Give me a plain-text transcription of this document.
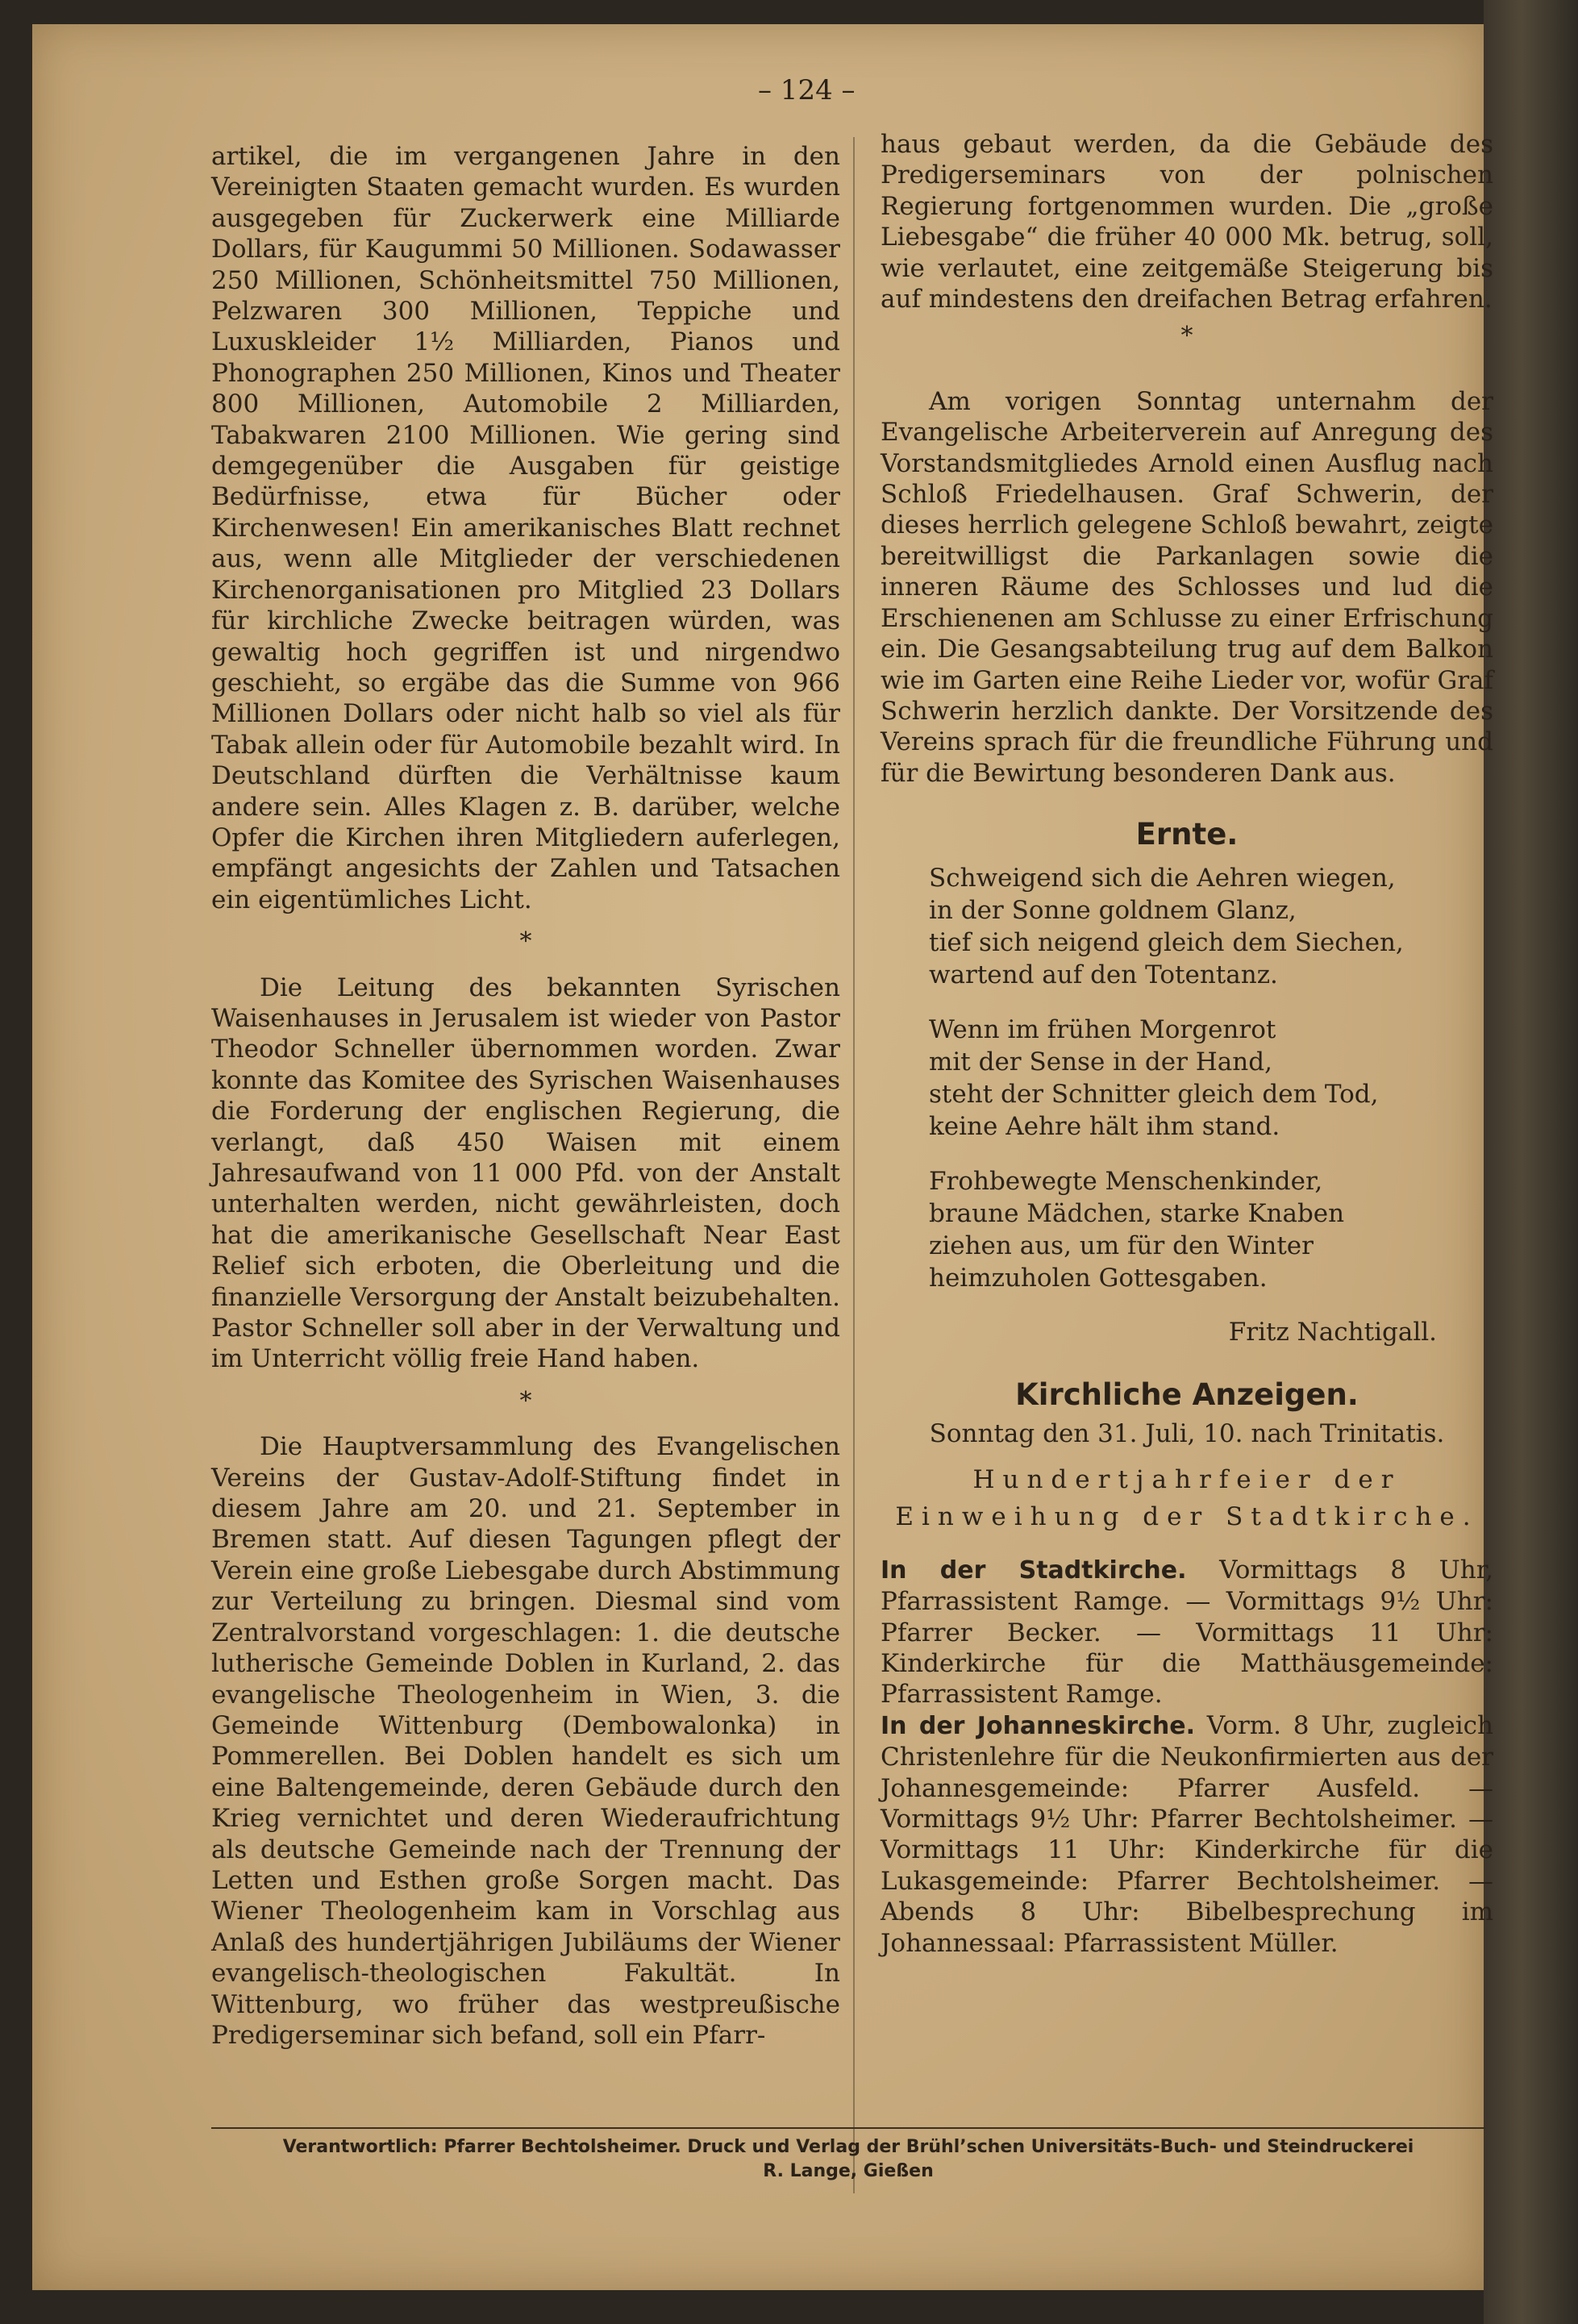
– 124 –

artikel, die im vergangenen Jahre in den Vereinigten Staaten gemacht wurden. Es wurden ausgegeben für Zuckerwerk eine Milliarde Dollars, für Kaugummi 50 Millionen. Sodawasser 250 Millionen, Schönheitsmittel 750 Millionen, Pelzwaren 300 Millionen, Teppiche und Luxuskleider 1½ Milliarden, Pianos und Phonographen 250 Millionen, Kinos und Theater 800 Millionen, Automobile 2 Milliarden, Tabakwaren 2100 Millionen. Wie gering sind demgegenüber die Ausgaben für geistige Bedürfnisse, etwa für Bücher oder Kirchenwesen! Ein amerikanisches Blatt rechnet aus, wenn alle Mitglieder der verschiedenen Kirchenorganisationen pro Mitglied 23 Dollars für kirchliche Zwecke beitragen würden, was gewaltig hoch gegriffen ist und nirgendwo geschieht, so ergäbe das die Summe von 966 Millionen Dollars oder nicht halb so viel als für Tabak allein oder für Automobile bezahlt wird. In Deutschland dürften die Verhältnisse kaum andere sein. Alles Klagen z. B. darüber, welche Opfer die Kirchen ihren Mitgliedern auferlegen, empfängt angesichts der Zahlen und Tatsachen ein eigentümliches Licht.

*

Die Leitung des bekannten Syrischen Waisenhauses in Jerusalem ist wieder von Pastor Theodor Schneller übernommen worden. Zwar konnte das Komitee des Syrischen Waisenhauses die Forderung der englischen Regierung, die verlangt, daß 450 Waisen mit einem Jahresaufwand von 11 000 Pfd. von der Anstalt unterhalten werden, nicht gewährleisten, doch hat die amerikanische Gesellschaft Near East Relief sich erboten, die Oberleitung und die finanzielle Versorgung der Anstalt beizubehalten. Pastor Schneller soll aber in der Verwaltung und im Unterricht völlig freie Hand haben.

*

Die Hauptversammlung des Evangelischen Vereins der Gustav-Adolf-Stiftung findet in diesem Jahre am 20. und 21. September in Bremen statt. Auf diesen Tagungen pflegt der Verein eine große Liebesgabe durch Abstimmung zur Verteilung zu bringen. Diesmal sind vom Zentralvorstand vorgeschlagen: 1. die deutsche lutherische Gemeinde Doblen in Kurland, 2. das evangelische Theologenheim in Wien, 3. die Gemeinde Wittenburg (Dembowalonka) in Pommerellen. Bei Doblen handelt es sich um eine Baltengemeinde, deren Gebäude durch den Krieg vernichtet und deren Wiederaufrichtung als deutsche Gemeinde nach der Trennung der Letten und Esthen große Sorgen macht. Das Wiener Theologenheim kam in Vorschlag aus Anlaß des hundertjährigen Jubiläums der Wiener evangelisch-theologischen Fakultät. In Wittenburg, wo früher das westpreußische Predigerseminar sich befand, soll ein Pfarr-

haus gebaut werden, da die Gebäude des Predigerseminars von der polnischen Regierung fortgenommen wurden. Die „große Liebesgabe“ die früher 40 000 Mk. betrug, soll, wie verlautet, eine zeitgemäße Steigerung bis auf mindestens den dreifachen Betrag erfahren.

*

Am vorigen Sonntag unternahm der Evangelische Arbeiterverein auf Anregung des Vorstandsmitgliedes Arnold einen Ausflug nach Schloß Friedelhausen. Graf Schwerin, der dieses herrlich gelegene Schloß bewahrt, zeigte bereitwilligst die Parkanlagen sowie die inneren Räume des Schlosses und lud die Erschienenen am Schlusse zu einer Erfrischung ein. Die Gesangsabteilung trug auf dem Balkon wie im Garten eine Reihe Lieder vor, wofür Graf Schwerin herzlich dankte. Der Vorsitzende des Vereins sprach für die freundliche Führung und für die Bewirtung besonderen Dank aus.

Ernte.
Schweigend sich die Aehren wiegen,
in der Sonne goldnem Glanz,
tief sich neigend gleich dem Siechen,
wartend auf den Totentanz.
Wenn im frühen Morgenrot
mit der Sense in der Hand,
steht der Schnitter gleich dem Tod,
keine Aehre hält ihm stand.
Frohbewegte Menschenkinder,
braune Mädchen, starke Knaben
ziehen aus, um für den Winter
heimzuholen Gottesgaben.
Fritz Nachtigall.
Kirchliche Anzeigen.
Sonntag den 31. Juli, 10. nach Trinitatis.
Hundertjahrfeier der Einweihung der Stadtkirche.

In der Stadtkirche. Vormittags 8 Uhr, Pfarrassistent Ramge. — Vormittags 9½ Uhr: Pfarrer Becker. — Vormittags 11 Uhr: Kinderkirche für die Matthäusgemeinde: Pfarrassistent Ramge.

In der Johanneskirche. Vorm. 8 Uhr, zugleich Christenlehre für die Neukonfirmierten aus der Johannesgemeinde: Pfarrer Ausfeld. — Vormittags 9½ Uhr: Pfarrer Bechtolsheimer. — Vormittags 11 Uhr: Kinderkirche für die Lukasgemeinde: Pfarrer Bechtolsheimer. — Abends 8 Uhr: Bibelbesprechung im Johannessaal: Pfarrassistent Müller.

Verantwortlich: Pfarrer Bechtolsheimer. Druck und Verlag der Brühl’schen Universitäts-Buch- und Steindruckerei
R. Lange, Gießen
